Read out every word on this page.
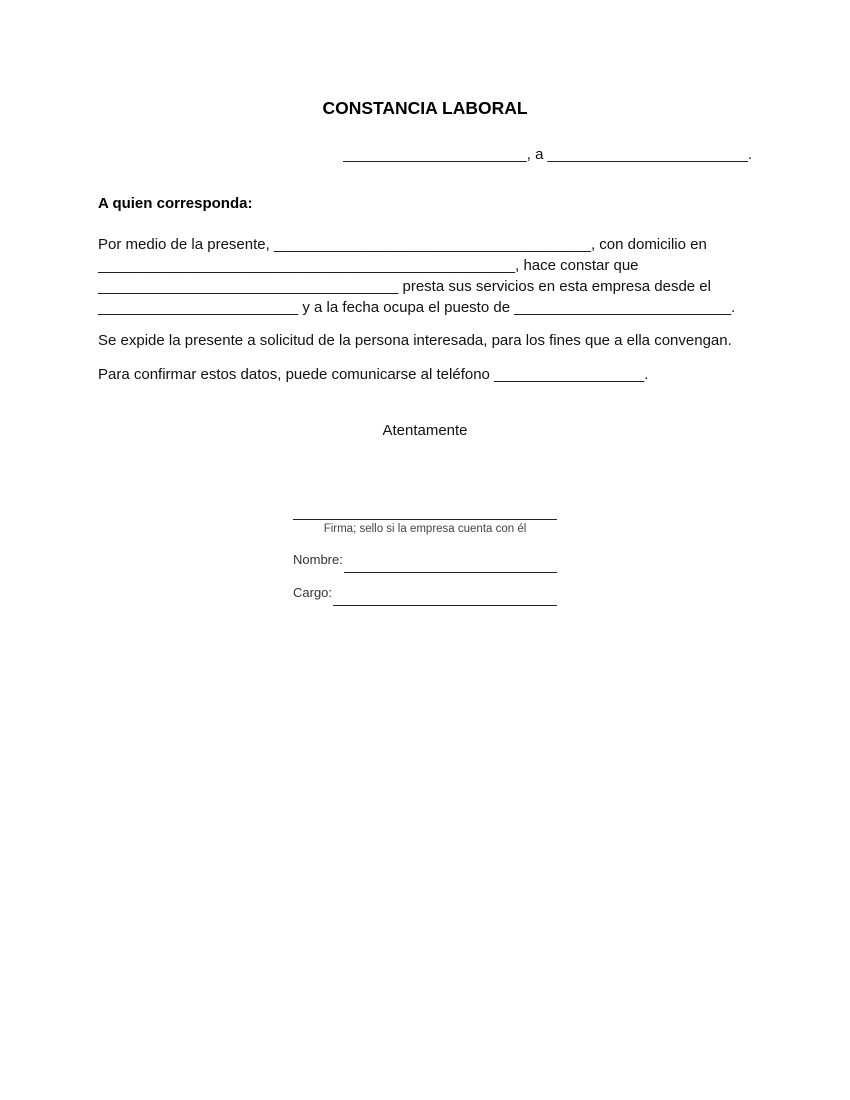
CONSTANCIA LABORAL
______________________, a ________________________.

A quien corresponda:

Por medio de la presente, ______________________________________, con domicilio en
__________________________________________________, hace constar que
____________________________________ presta sus servicios en esta empresa desde el
________________________ y a la fecha ocupa el puesto de __________________________.
Se expide la presente a solicitud de la persona interesada, para los fines que a ella convengan.
Para confirmar estos datos, puede comunicarse al teléfono __________________.
Atentamente
Firma; sello si la empresa cuenta con él
Nombre:
Cargo:
